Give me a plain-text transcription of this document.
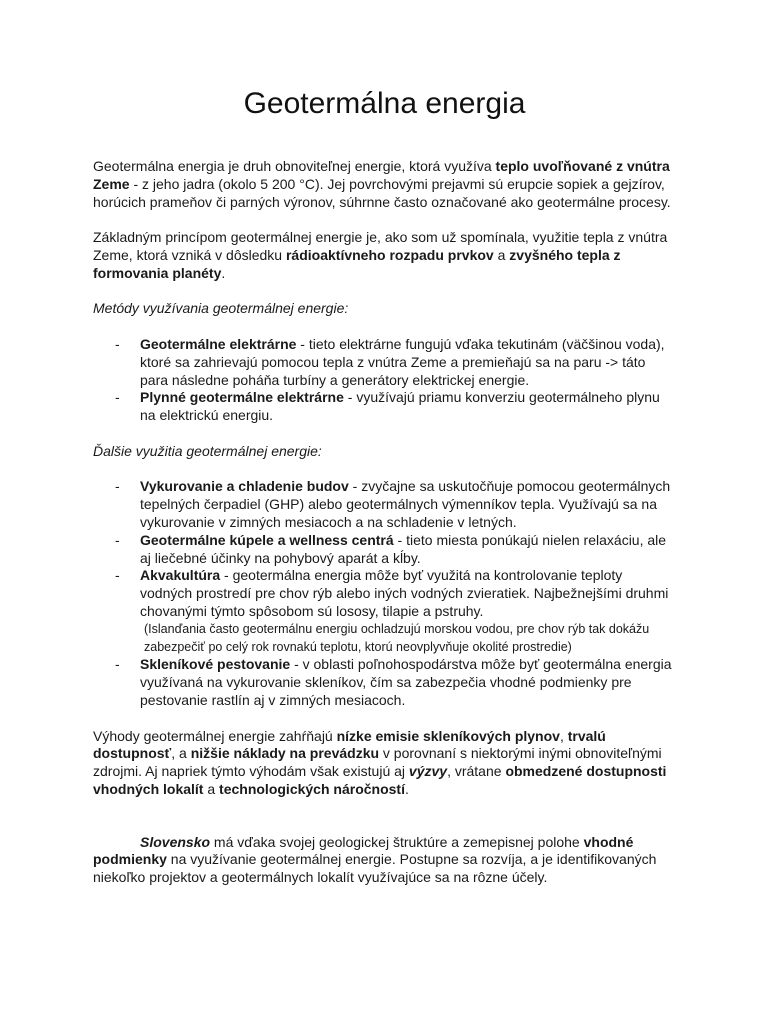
Geotermálna energia

Geotermálna energia je druh obnoviteľnej energie, ktorá využíva teplo uvoľňované z vnútra Zeme - z jeho jadra (okolo 5 200 °C). Jej povrchovými prejavmi sú erupcie sopiek a gejzírov, horúcich prameňov či parných výronov, súhrnne často označované ako geotermálne procesy.

Základným princípom geotermálnej energie je, ako som už spomínala, využitie tepla z vnútra Zeme, ktorá vzniká v dôsledku rádioaktívneho rozpadu prvkov a zvyšného tepla z formovania planéty.

Metódy využívania geotermálnej energie:

- Geotermálne elektrárne - tieto elektrárne fungujú vďaka tekutinám (väčšinou voda), ktoré sa zahrievajú pomocou tepla z vnútra Zeme a premieňajú sa na paru -> táto para následne poháňa turbíny a generátory elektrickej energie.
- Plynné geotermálne elektrárne - využívajú priamu konverziu geotermálneho plynu na elektrickú energiu.

Ďalšie využitia geotermálnej energie:

- Vykurovanie a chladenie budov - zvyčajne sa uskutočňuje pomocou geotermálnych tepelných čerpadiel (GHP) alebo geotermálnych výmenníkov tepla. Využívajú sa na vykurovanie v zimných mesiacoch a na schladenie v letných.
- Geotermálne kúpele a wellness centrá - tieto miesta ponúkajú nielen relaxáciu, ale aj liečebné účinky na pohybový aparát a kĺby.
- Akvakultúra - geotermálna energia môže byť využitá na kontrolovanie teploty vodných prostredí pre chov rýb alebo iných vodných zvieratiek. Najbežnejšími druhmi chovanými týmto spôsobom sú lososy, tilapie a pstruhy.
(Islanďania často geotermálnu energiu ochladzujú morskou vodou, pre chov rýb tak dokážu zabezpečiť po celý rok rovnakú teplotu, ktorú neovplyvňuje okolité prostredie)
- Skleníkové pestovanie - v oblasti poľnohospodárstva môže byť geotermálna energia využívaná na vykurovanie skleníkov, čím sa zabezpečia vhodné podmienky pre pestovanie rastlín aj v zimných mesiacoch.

Výhody geotermálnej energie zahŕňajú nízke emisie skleníkových plynov, trvalú dostupnosť, a nižšie náklady na prevádzku v porovnaní s niektorými inými obnoviteľnými zdrojmi. Aj napriek týmto výhodám však existujú aj výzvy, vrátane obmedzené dostupnosti vhodných lokalít a technologických náročností.

Slovensko má vďaka svojej geologickej štruktúre a zemepisnej polohe vhodné podmienky na využívanie geotermálnej energie. Postupne sa rozvíja, a je identifikovaných niekoľko projektov a geotermálnych lokalít využívajúce sa na rôzne účely.
